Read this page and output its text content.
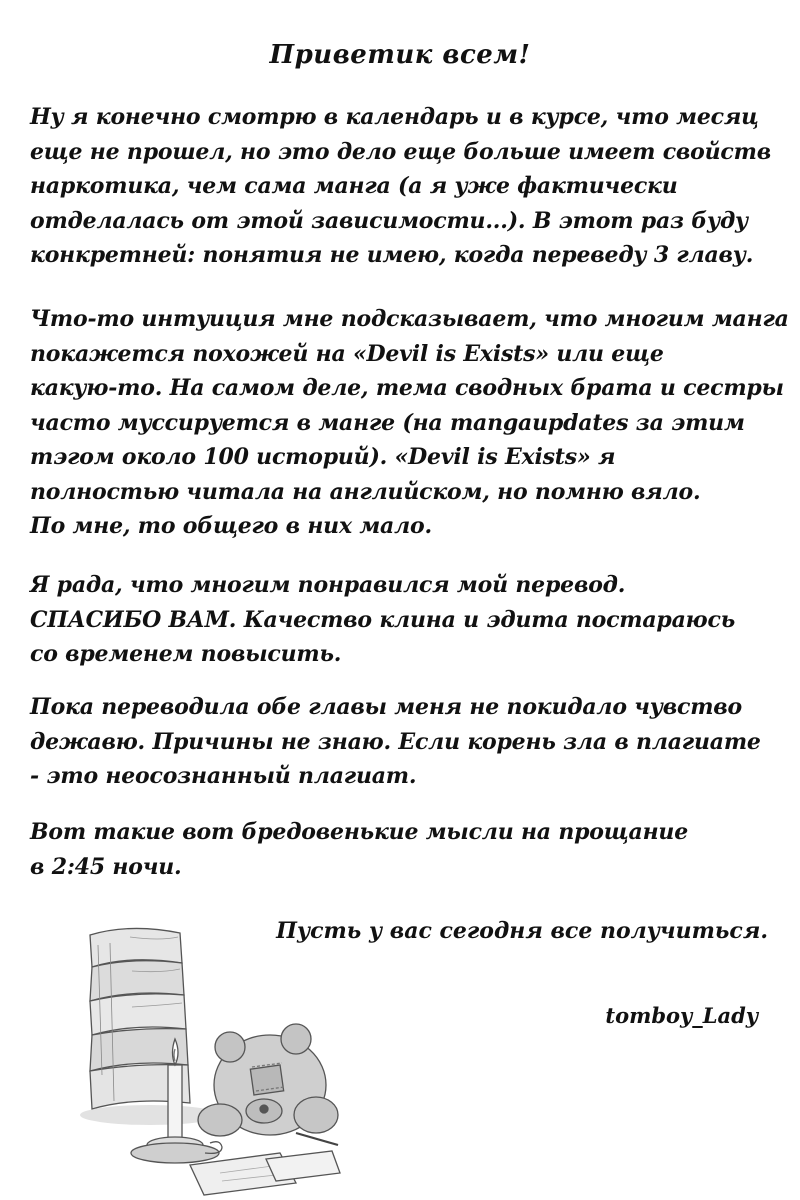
Приветик всем!
Ну я конечно смотрю в календарь и в курсе, что месяц
еще не прошел, но это дело еще больше имеет свойств
наркотика, чем сама манга (а я уже фактически
отделалась от этой зависимости...). В этот раз буду
конкретней: понятия не имею, когда переведу 3 главу.
Что-то интуиция мне подсказывает, что многим манга
покажется похожей на «Devil is Exists» или еще
какую-то. На самом деле, тема сводных брата и сестры
часто муссируется в манге (на mangaupdates за этим
тэгом около 100 историй). «Devil is Exists» я
полностью читала на английском, но помню вяло.
По мне, то общего в них мало.
Я рада, что многим понравился мой перевод.
СПАСИБО ВАМ. Качество клина и эдита постараюсь
со временем повысить.
Пока переводила обе главы меня не покидало чувство
дежавю. Причины не знаю. Если корень зла в плагиате
- это неосознанный плагиат.
Вот такие вот бредовенькие мысли на прощание
в 2:45 ночи.
Пусть у вас сегодня все получиться.
tomboy_Lady
